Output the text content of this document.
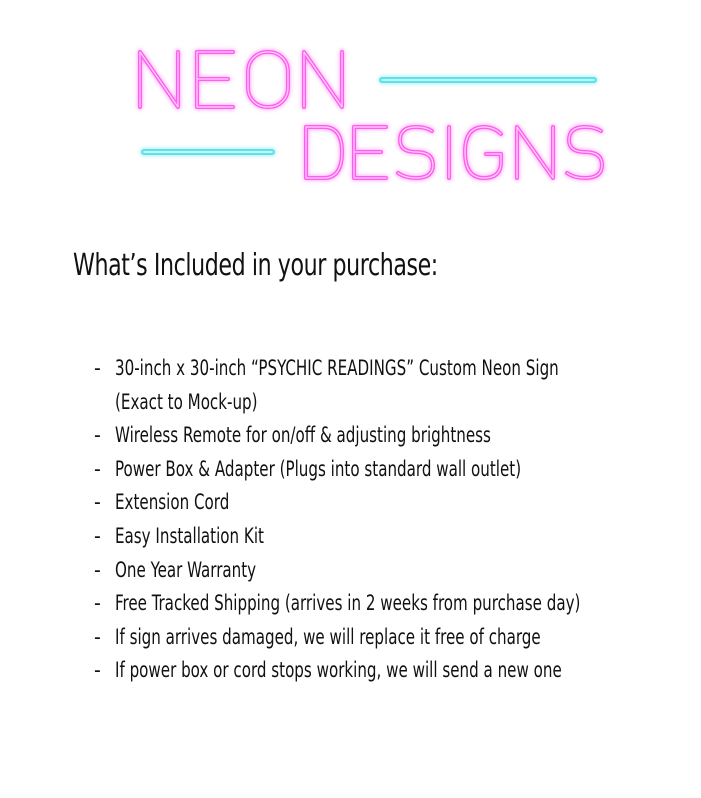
What’s Included in your purchase:
- 30-inch x 30-inch “PSYCHIC READINGS” Custom Neon Sign
(Exact to Mock-up)
- Wireless Remote for on/off & adjusting brightness
- Power Box & Adapter (Plugs into standard wall outlet)
- Extension Cord
- Easy Installation Kit
- One Year Warranty
- Free Tracked Shipping (arrives in 2 weeks from purchase day)
- If sign arrives damaged, we will replace it free of charge
- If power box or cord stops working, we will send a new one
